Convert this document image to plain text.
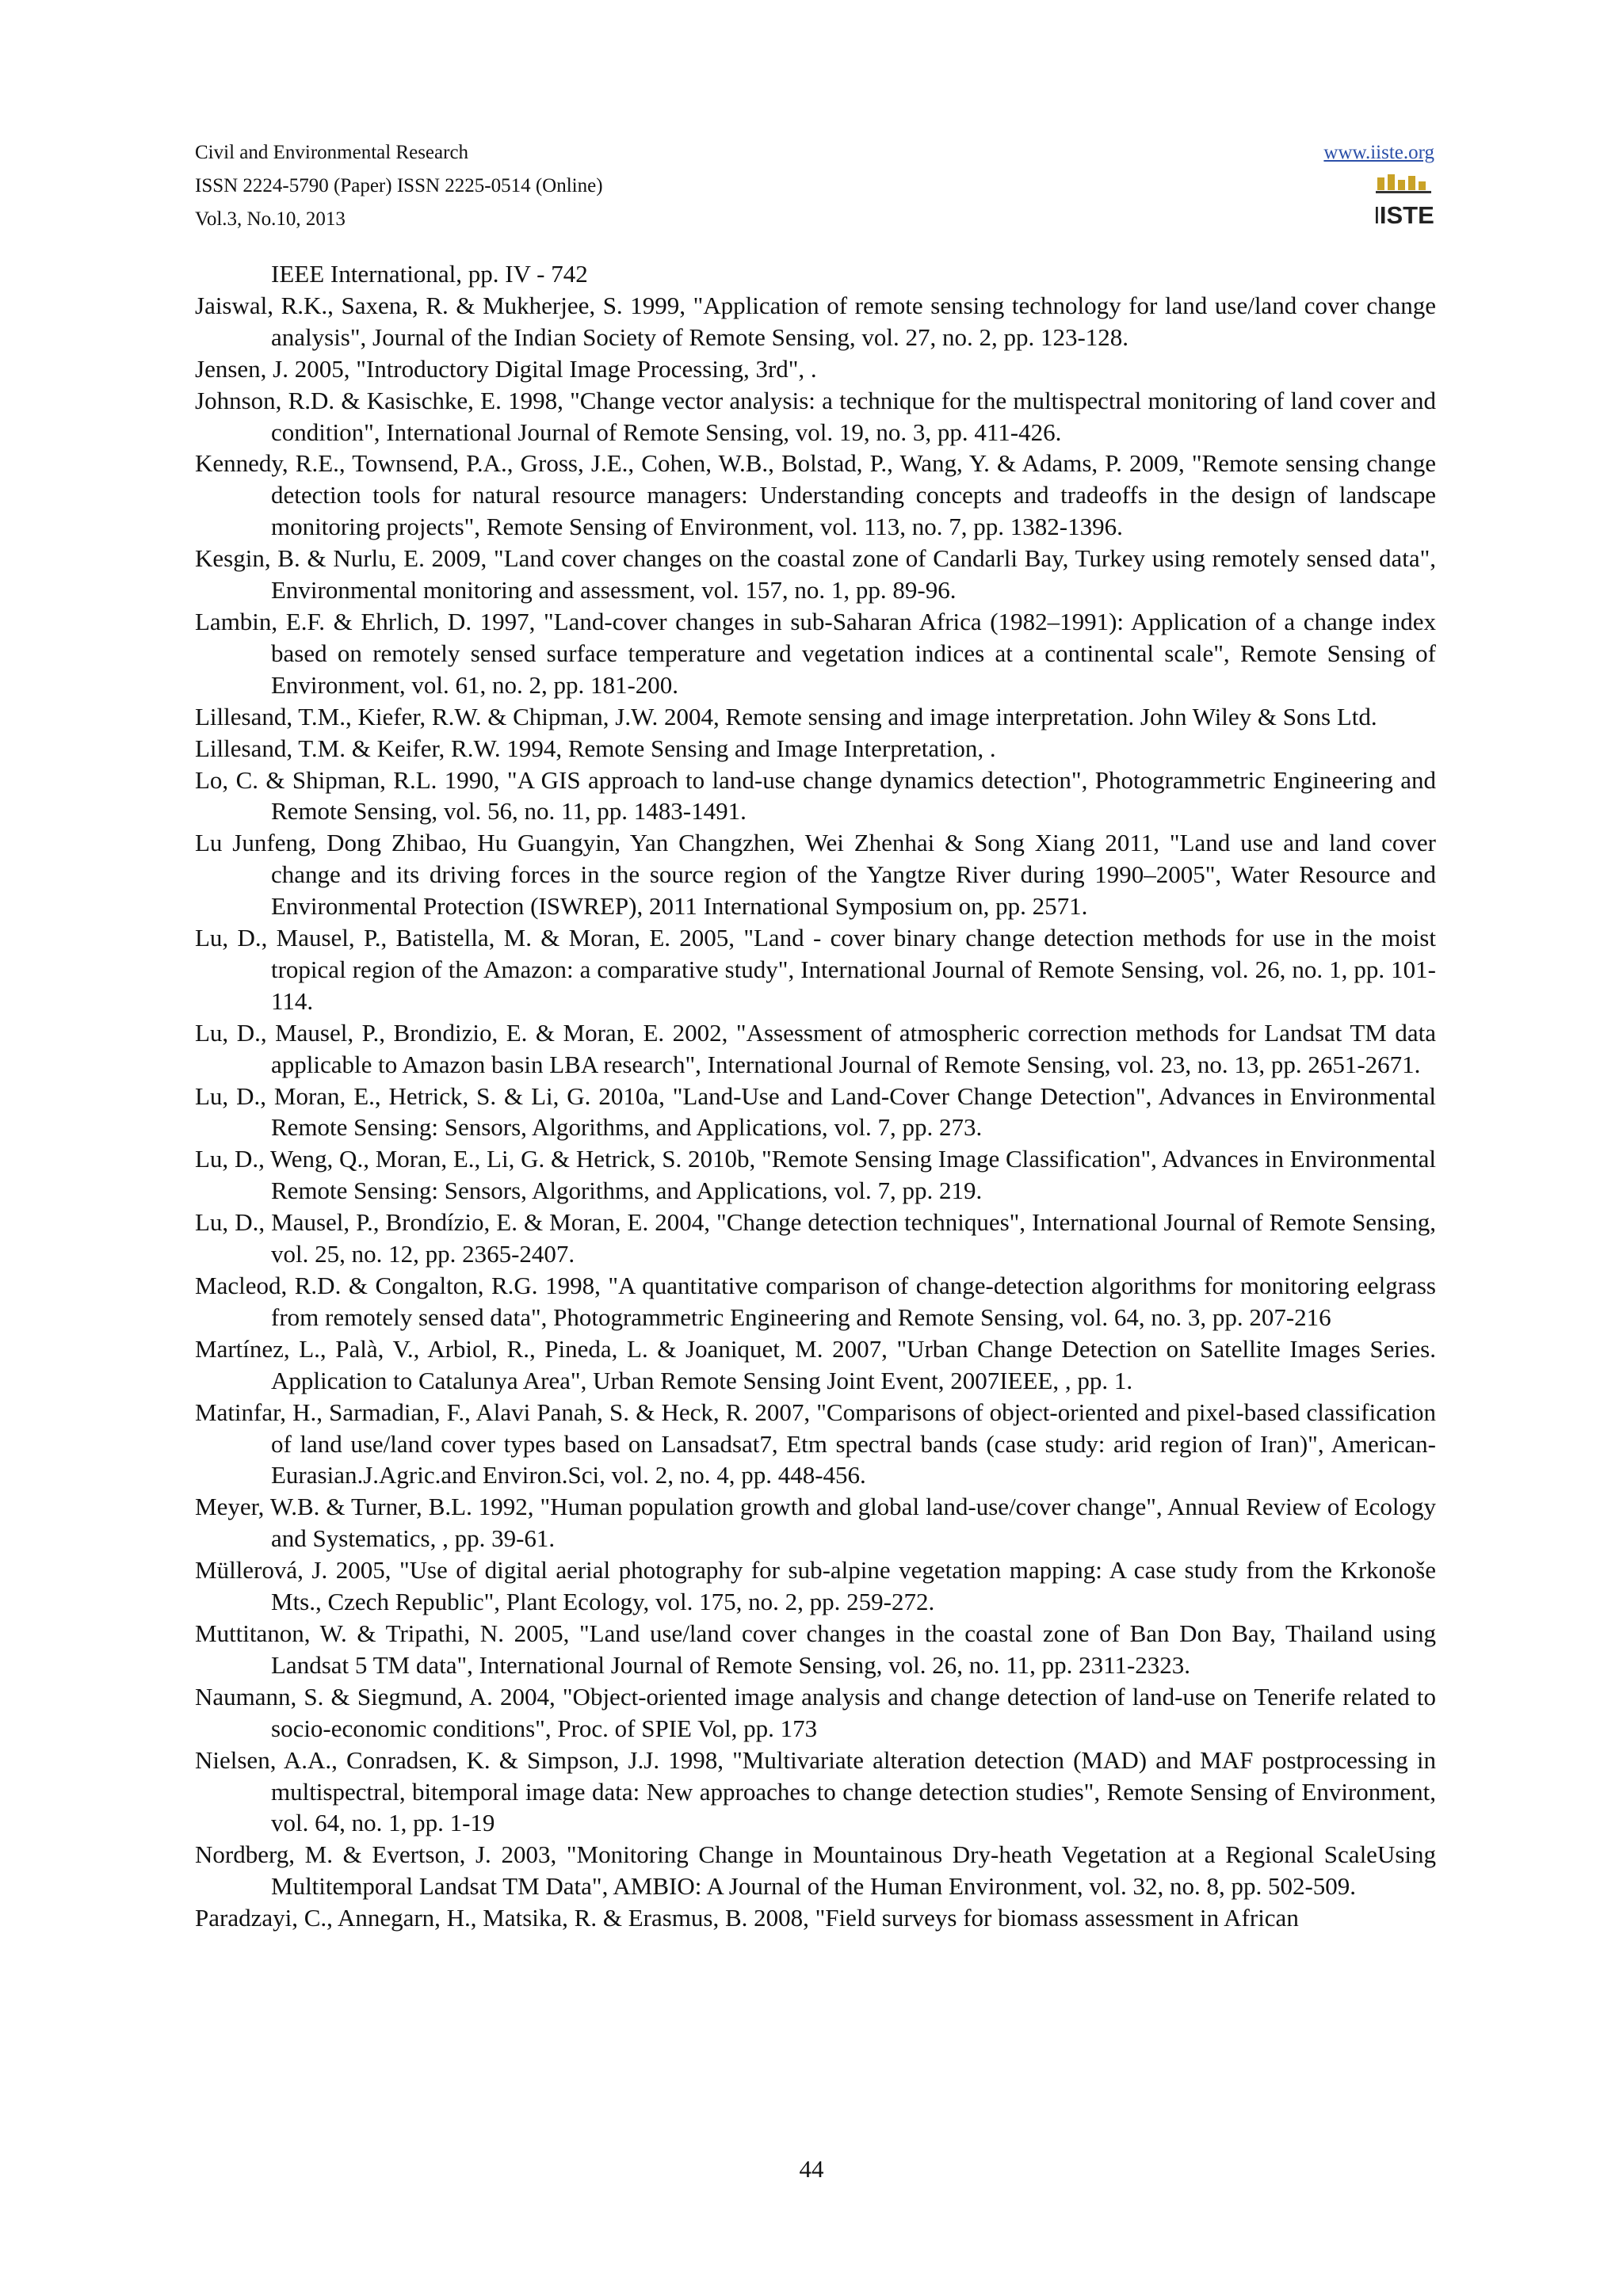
Civil and Environmental Research
ISSN 2224-5790 (Paper) ISSN 2225-0514 (Online)
Vol.3, No.10, 2013
www.iiste.org
IISTE
IEEE International, pp. IV - 742
Jaiswal, R.K., Saxena, R. & Mukherjee, S. 1999, "Application of remote sensing technology for land use/land cover change analysis", Journal of the Indian Society of Remote Sensing, vol. 27, no. 2, pp. 123-128.
Jensen, J. 2005, "Introductory Digital Image Processing, 3rd", .
Johnson, R.D. & Kasischke, E. 1998, "Change vector analysis: a technique for the multispectral monitoring of land cover and condition", International Journal of Remote Sensing, vol. 19, no. 3, pp. 411-426.
Kennedy, R.E., Townsend, P.A., Gross, J.E., Cohen, W.B., Bolstad, P., Wang, Y. & Adams, P. 2009, "Remote sensing change detection tools for natural resource managers: Understanding concepts and tradeoffs in the design of landscape monitoring projects", Remote Sensing of Environment, vol. 113, no. 7, pp. 1382-1396.
Kesgin, B. & Nurlu, E. 2009, "Land cover changes on the coastal zone of Candarli Bay, Turkey using remotely sensed data", Environmental monitoring and assessment, vol. 157, no. 1, pp. 89-96.
Lambin, E.F. & Ehrlich, D. 1997, "Land-cover changes in sub-Saharan Africa (1982–1991): Application of a change index based on remotely sensed surface temperature and vegetation indices at a continental scale", Remote Sensing of Environment, vol. 61, no. 2, pp. 181-200.
Lillesand, T.M., Kiefer, R.W. & Chipman, J.W. 2004, Remote sensing and image interpretation. John Wiley & Sons Ltd.
Lillesand, T.M. & Keifer, R.W. 1994, Remote Sensing and Image Interpretation, .
Lo, C. & Shipman, R.L. 1990, "A GIS approach to land-use change dynamics detection", Photogrammetric Engineering and Remote Sensing, vol. 56, no. 11, pp. 1483-1491.
Lu Junfeng, Dong Zhibao, Hu Guangyin, Yan Changzhen, Wei Zhenhai & Song Xiang 2011, "Land use and land cover change and its driving forces in the source region of the Yangtze River during 1990–2005", Water Resource and Environmental Protection (ISWREP), 2011 International Symposium on, pp. 2571.
Lu, D., Mausel, P., Batistella, M. & Moran, E. 2005, "Land ‐ cover binary change detection methods for use in the moist tropical region of the Amazon: a comparative study", International Journal of Remote Sensing, vol. 26, no. 1, pp. 101-114.
Lu, D., Mausel, P., Brondizio, E. & Moran, E. 2002, "Assessment of atmospheric correction methods for Landsat TM data applicable to Amazon basin LBA research", International Journal of Remote Sensing, vol. 23, no. 13, pp. 2651-2671.
Lu, D., Moran, E., Hetrick, S. & Li, G. 2010a, "Land-Use and Land-Cover Change Detection", Advances in Environmental Remote Sensing: Sensors, Algorithms, and Applications, vol. 7, pp. 273.
Lu, D., Weng, Q., Moran, E., Li, G. & Hetrick, S. 2010b, "Remote Sensing Image Classification", Advances in Environmental Remote Sensing: Sensors, Algorithms, and Applications, vol. 7, pp. 219.
Lu, D., Mausel, P., Brondízio, E. & Moran, E. 2004, "Change detection techniques", International Journal of Remote Sensing, vol. 25, no. 12, pp. 2365-2407.
Macleod, R.D. & Congalton, R.G. 1998, "A quantitative comparison of change-detection algorithms for monitoring eelgrass from remotely sensed data", Photogrammetric Engineering and Remote Sensing, vol. 64, no. 3, pp. 207-216
Martínez, L., Palà, V., Arbiol, R., Pineda, L. & Joaniquet, M. 2007, "Urban Change Detection on Satellite Images Series. Application to Catalunya Area", Urban Remote Sensing Joint Event, 2007IEEE, , pp. 1.
Matinfar, H., Sarmadian, F., Alavi Panah, S. & Heck, R. 2007, "Comparisons of object-oriented and pixel-based classification of land use/land cover types based on Lansadsat7, Etm spectral bands (case study: arid region of Iran)", American-Eurasian.J.Agric.and Environ.Sci, vol. 2, no. 4, pp. 448-456.
Meyer, W.B. & Turner, B.L. 1992, "Human population growth and global land-use/cover change", Annual Review of Ecology and Systematics, , pp. 39-61.
Müllerová, J. 2005, "Use of digital aerial photography for sub-alpine vegetation mapping: A case study from the Krkonoše Mts., Czech Republic", Plant Ecology, vol. 175, no. 2, pp. 259-272.
Muttitanon, W. & Tripathi, N. 2005, "Land use/land cover changes in the coastal zone of Ban Don Bay, Thailand using Landsat 5 TM data", International Journal of Remote Sensing, vol. 26, no. 11, pp. 2311-2323.
Naumann, S. & Siegmund, A. 2004, "Object-oriented image analysis and change detection of land-use on Tenerife related to socio-economic conditions", Proc. of SPIE Vol, pp. 173
Nielsen, A.A., Conradsen, K. & Simpson, J.J. 1998, "Multivariate alteration detection (MAD) and MAF postprocessing in multispectral, bitemporal image data: New approaches to change detection studies", Remote Sensing of Environment, vol. 64, no. 1, pp. 1-19
Nordberg, M. & Evertson, J. 2003, "Monitoring Change in Mountainous Dry-heath Vegetation at a Regional ScaleUsing Multitemporal Landsat TM Data", AMBIO: A Journal of the Human Environment, vol. 32, no. 8, pp. 502-509.
Paradzayi, C., Annegarn, H., Matsika, R. & Erasmus, B. 2008, "Field surveys for biomass assessment in African
44
